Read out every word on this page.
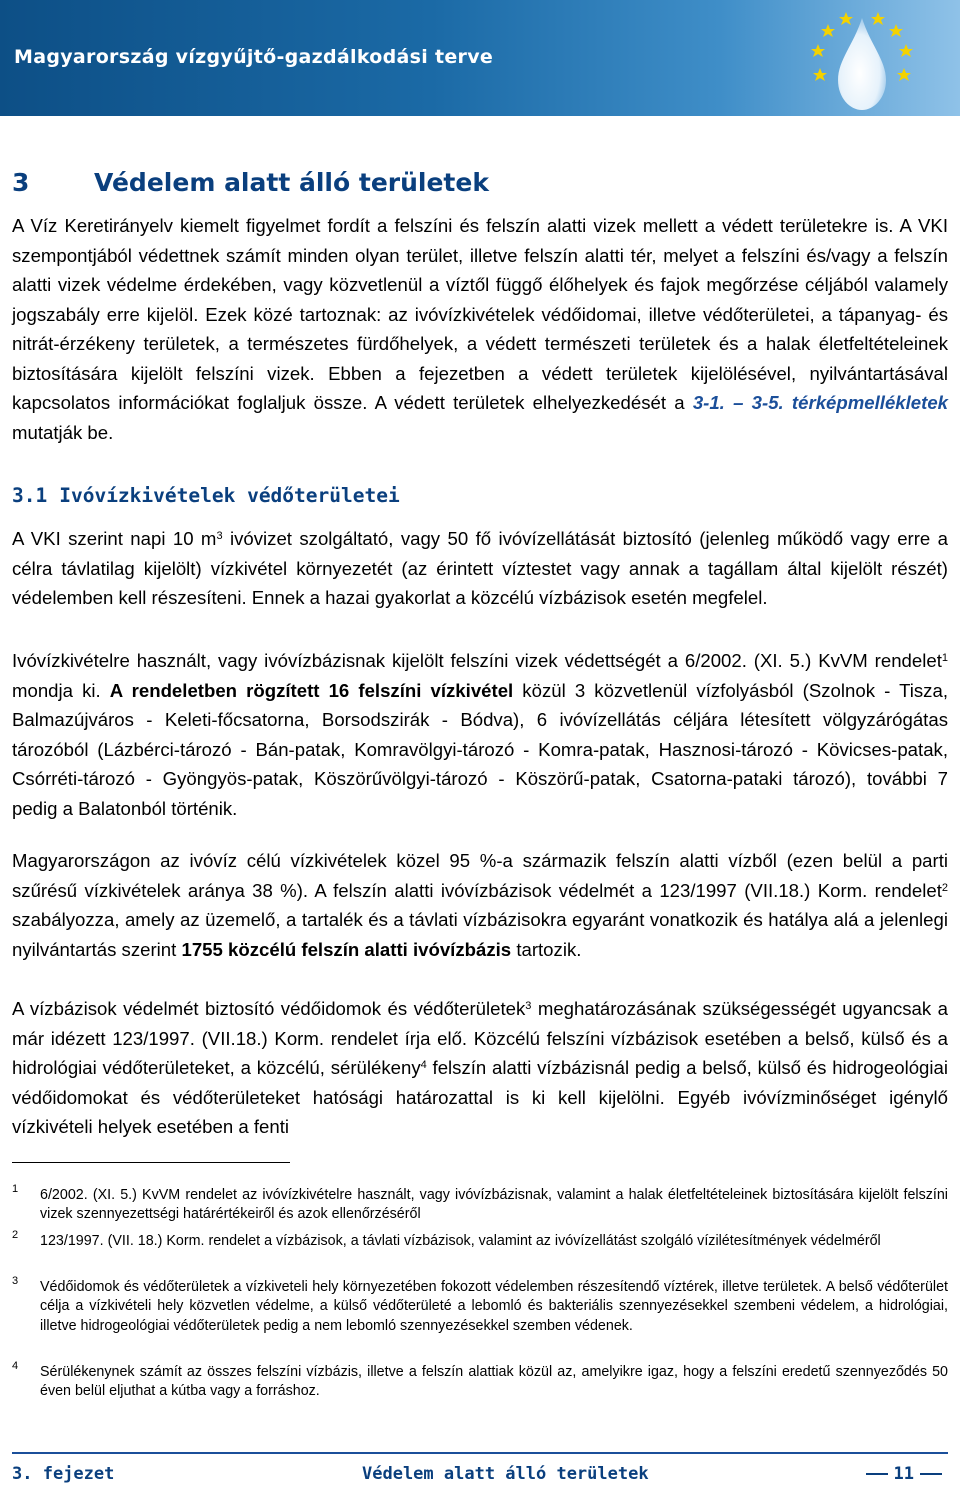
Magyarország vízgyűjtő-gazdálkodási terve
3	Védelem alatt álló területek

A Víz Keretirányelv kiemelt figyelmet fordít a felszíni és felszín alatti vizek mellett a védett területekre is. A VKI szempontjából védettnek számít minden olyan terület, illetve felszín alatti tér, melyet a felszíni és/vagy a felszín alatti vizek védelme érdekében, vagy közvetlenül a víztől függő élőhelyek és fajok megőrzése céljából valamely jogszabály erre kijelöl. Ezek közé tartoznak: az ivóvízkivételek védőidomai, illetve védőterületei, a tápanyag- és nitrát-érzékeny területek, a természetes fürdőhelyek, a védett természeti területek és a halak életfeltételeinek biztosítására kijelölt felszíni vizek. Ebben a fejezetben a védett területek kijelölésével, nyilvántartásával kapcsolatos információkat foglaljuk össze. A védett területek elhelyezkedését a 3-1. – 3-5. térképmellékletek mutatják be.

3.1 Ivóvízkivételek védőterületei

A VKI szerint napi 10 $m^3$ ivóvizet szolgáltató, vagy 50 fő ivóvízellátását biztosító (jelenleg működő vagy erre a célra távlatilag kijelölt) vízkivétel környezetét (az érintett víztestet vagy annak a tagállam által kijelölt részét) védelemben kell részesíteni. Ennek a hazai gyakorlat a közcélú vízbázisok esetén megfelel.

Ivóvízkivételre használt, vagy ivóvízbázisnak kijelölt felszíni vizek védettségét a 6/2002. (XI. 5.) KvVM rendelet$^1$ mondja ki. A rendeletben rögzített 16 felszíni vízkivétel közül 3 közvetlenül vízfolyásból (Szolnok - Tisza, Balmazújváros - Keleti-főcsatorna, Borsodszirák - Bódva), 6 ivóvízellátás céljára létesített völgyzárógátas tározóból (Lázbérci-tározó - Bán-patak, Komravölgyi-tározó - Komra-patak, Hasznosi-tározó - Kövicses-patak, Csórréti-tározó - Gyöngyös-patak, Köszörűvölgyi-tározó - Köszörű-patak, Csatorna-pataki tározó), további 7 pedig a Balatonból történik.

Magyarországon az ivóvíz célú vízkivételek közel 95 %-a származik felszín alatti vízből (ezen belül a parti szűrésű vízkivételek aránya 38 %). A felszín alatti ivóvízbázisok védelmét a 123/1997 (VII.18.) Korm. rendelet$^2$ szabályozza, amely az üzemelő, a tartalék és a távlati vízbázisokra egyaránt vonatkozik és hatálya alá a jelenlegi nyilvántartás szerint 1755 közcélú felszín alatti ivóvízbázis tartozik.

A vízbázisok védelmét biztosító védőidomok és védőterületek$^3$ meghatározásának szükségességét ugyancsak a már idézett 123/1997. (VII.18.) Korm. rendelet írja elő. Közcélú felszíni vízbázisok esetében a belső, külső és a hidrológiai védőterületeket, a közcélú, sérülékeny$^4$ felszín alatti vízbázisnál pedig a belső, külső és hidrogeológiai védőidomokat és védőterületeket hatósági határozattal is ki kell kijelölni. Egyéb ivóvízminőséget igénylő vízkivételi helyek esetében a fenti

1 6/2002. (XI. 5.) KvVM rendelet az ivóvízkivételre használt, vagy ivóvízbázisnak, valamint a halak életfeltételeinek biztosítására kijelölt felszíni vizek szennyezettségi határértékeiről és azok ellenőrzéséről
2 123/1997. (VII. 18.) Korm. rendelet a vízbázisok, a távlati vízbázisok, valamint az ivóvízellátást szolgáló vízilétesítmények védelméről
3 Védőidomok és védőterületek a vízkiveteli hely környezetében fokozott védelemben részesítendő víztérek, illetve területek. A belső védőterület célja a vízkivételi hely közvetlen védelme, a külső védőterületé a lebomló és bakteriális szennyezésekkel szembeni védelem, a hidrológiai, illetve hidrogeológiai védőterületek pedig a nem lebomló szennyezésekkel szemben védenek.
4 Sérülékenynek számít az összes felszíni vízbázis, illetve a felszín alattiak közül az, amelyikre igaz, hogy a felszíni eredetű szennyeződés 50 éven belül eljuthat a kútba vagy a forráshoz.
3. fejezet	Védelem alatt álló területek	11
